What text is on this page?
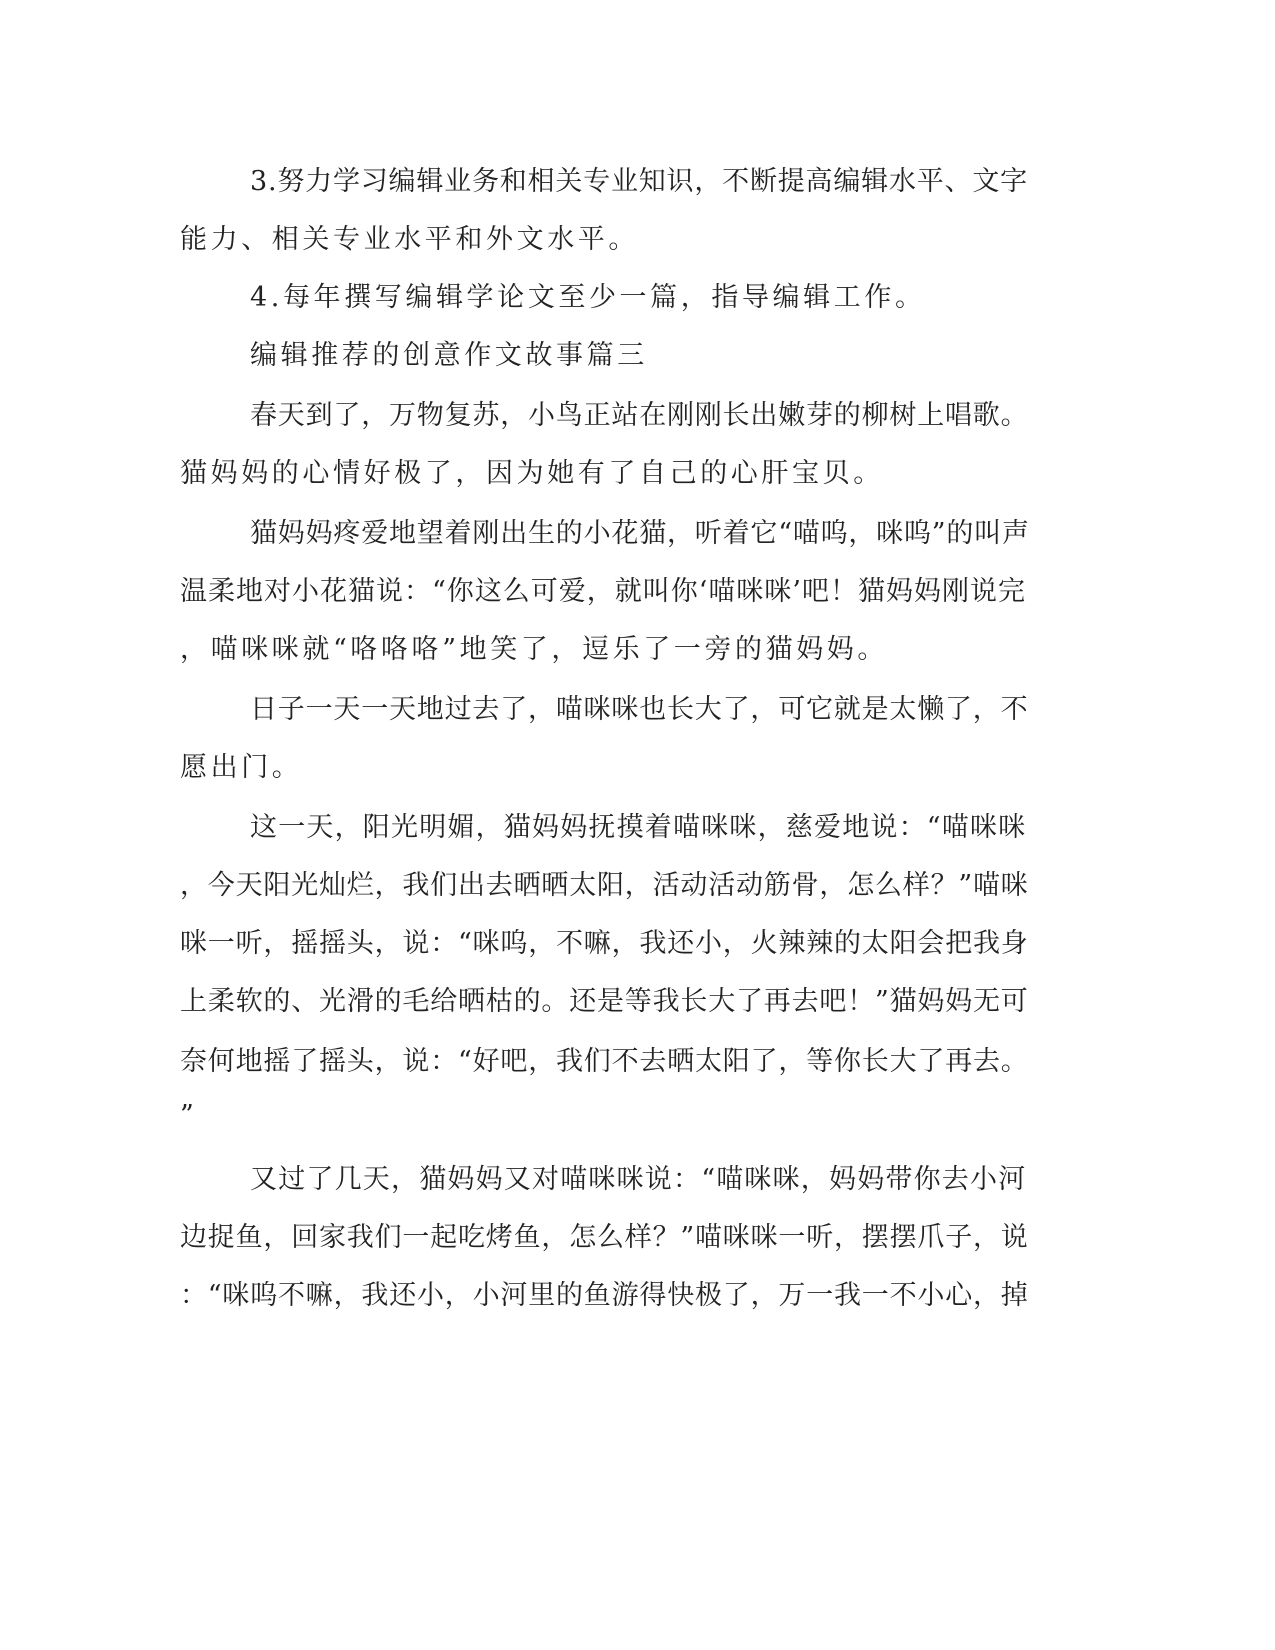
3.努力学习编辑业务和相关专业知识，不断提高编辑水平、文字
能力、相关专业水平和外文水平。
4.每年撰写编辑学论文至少一篇，指导编辑工作。
编辑推荐的创意作文故事篇三
春天到了，万物复苏，小鸟正站在刚刚长出嫩芽的柳树上唱歌。
猫妈妈的心情好极了，因为她有了自己的心肝宝贝。
猫妈妈疼爱地望着刚出生的小花猫，听着它“喵呜，咪呜”的叫声
温柔地对小花猫说：“你这么可爱，就叫你‘喵咪咪’吧！猫妈妈刚说完
，喵咪咪就“咯咯咯”地笑了，逗乐了一旁的猫妈妈。
日子一天一天地过去了，喵咪咪也长大了，可它就是太懒了，不
愿出门。
这一天，阳光明媚，猫妈妈抚摸着喵咪咪，慈爱地说：“喵咪咪
，今天阳光灿烂，我们出去晒晒太阳，活动活动筋骨，怎么样？”喵咪
咪一听，摇摇头，说：“咪呜，不嘛，我还小，火辣辣的太阳会把我身
上柔软的、光滑的毛给晒枯的。还是等我长大了再去吧！”猫妈妈无可
奈何地摇了摇头，说：“好吧，我们不去晒太阳了，等你长大了再去。
”
又过了几天，猫妈妈又对喵咪咪说：“喵咪咪，妈妈带你去小河
边捉鱼，回家我们一起吃烤鱼，怎么样？”喵咪咪一听，摆摆爪子，说
：“咪呜不嘛，我还小，小河里的鱼游得快极了，万一我一不小心，掉
